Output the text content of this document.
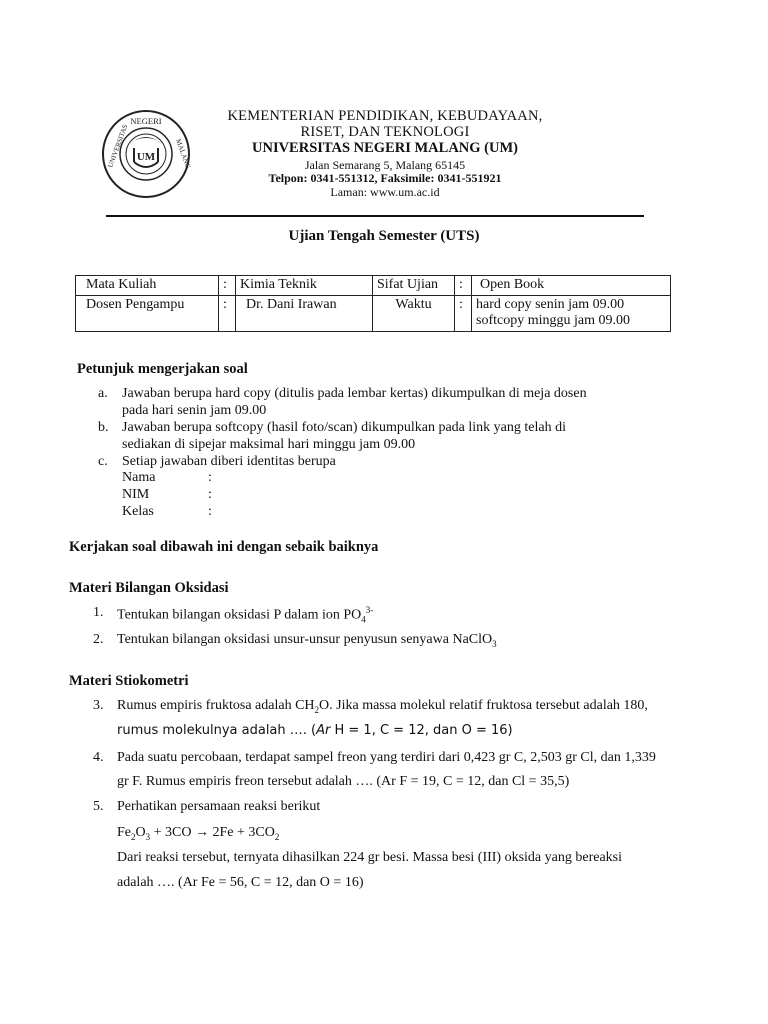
UM
NEGERI
UNIVERSITAS	MALANG
KEMENTERIAN PENDIDIKAN, KEBUDAYAAN,
RISET, DAN TEKNOLOGI
UNIVERSITAS NEGERI MALANG (UM)
Jalan Semarang 5, Malang 65145
Telpon: 0341-551312, Faksimile: 0341-551921
Laman: www.um.ac.id
Ujian Tengah Semester (UTS)
Mata Kuliah	:	Kimia Teknik	Sifat Ujian	:	Open Book
Dosen Pengampu	:	Dr. Dani Irawan	Waktu	:	hard copy senin jam 09.00
softcopy minggu jam 09.00
Petunjuk mengerjakan soal
a. Jawaban berupa hard copy (ditulis pada lembar kertas) dikumpulkan di meja dosen
pada hari senin jam 09.00
b. Jawaban berupa softcopy (hasil foto/scan) dikumpulkan pada link yang telah di
sediakan di sipejar maksimal hari minggu jam 09.00
c. Setiap jawaban diberi identitas berupa
Nama	:
NIM	:
Kelas	:
Kerjakan soal dibawah ini dengan sebaik baiknya
Materi Bilangan Oksidasi
1. Tentukan bilangan oksidasi P dalam ion $PO_4^{3-}$
2. Tentukan bilangan oksidasi unsur-unsur penyusun senyawa NaClO$_3$
Materi Stiokometri
3. Rumus empiris fruktosa adalah $CH_2O$. Jika massa molekul relatif fruktosa tersebut adalah 180,
rumus molekulnya adalah …. (Ar H = 1, C = 12, dan O = 16)
4. Pada suatu percobaan, terdapat sampel freon yang terdiri dari 0,423 gr C, 2,503 gr Cl, dan 1,339
gr F. Rumus empiris freon tersebut adalah …. (Ar F = 19, C = 12, dan Cl = 35,5)
5. Perhatikan persamaan reaksi berikut
$Fe_2O_3 + 3CO \to 2Fe + 3CO_2$
Dari reaksi tersebut, ternyata dihasilkan 224 gr besi. Massa besi (III) oksida yang bereaksi
adalah …. (Ar Fe = 56, C = 12, dan O = 16)
